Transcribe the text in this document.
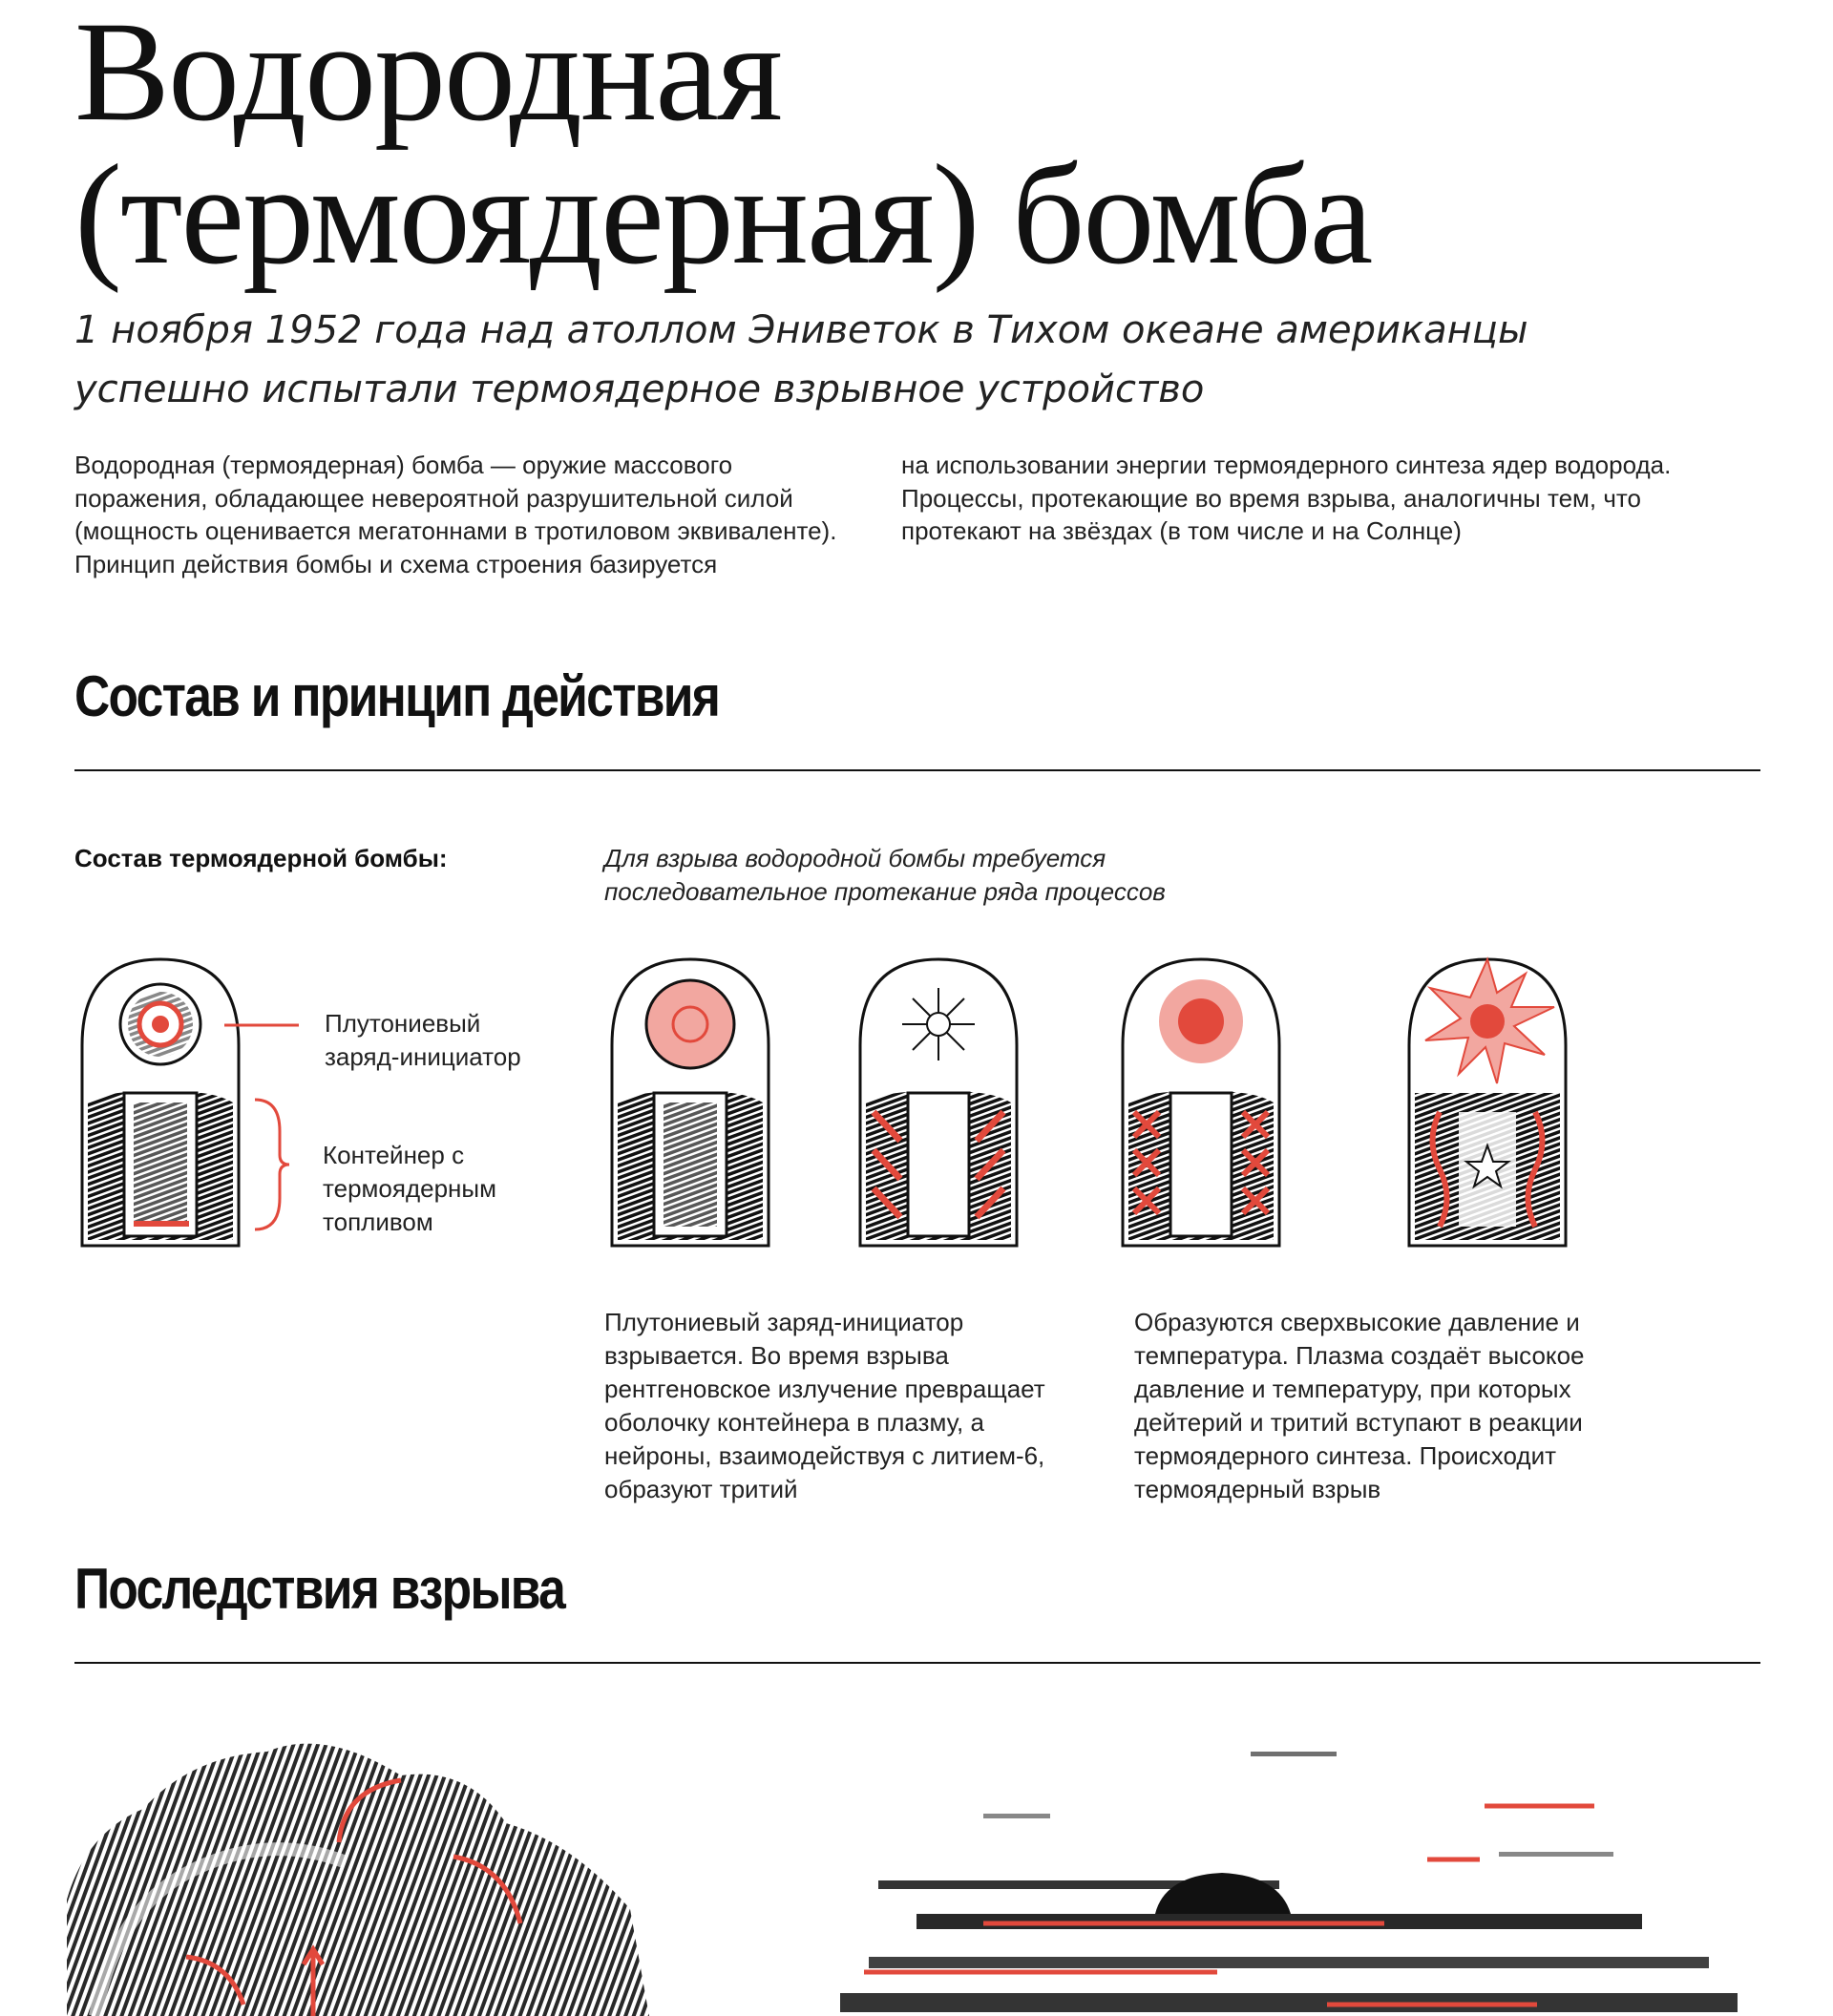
Водородная
(термоядерная) бомба

1 ноября 1952 года над атоллом Эниветок в Тихом океане американцы успешно испытали термоядерное взрывное устройство

Водородная (термоядерная) бомба — оружие массового поражения, обладающее невероятной разрушительной силой (мощность оценивается мегатоннами в тротиловом эквиваленте). Принцип действия бомбы и схема строения базируется

на использовании энергии термоядерного синтеза ядер водорода. Процессы, протекающие во время взрыва, аналогичны тем, что протекают на звёздах (в том числе и на Солнце)

Состав и принцип действия

Состав термоядерной бомбы:	Для взрыва водородной бомбы требуется последовательное протекание ряда процессов

Плутониевый заряд-инициатор

Контейнер с термоядерным топливом

Плутониевый заряд-инициатор взрывается. Во время взрыва рентгеновское излучение превращает оболочку контейнера в плазму, а нейроны, взаимодействуя с литием-6, образуют тритий

Образуются сверхвысокие давление и температура. Плазма создаёт высокое давление и температуру, при которых дейтерий и тритий вступают в реакции термоядерного синтеза. Происходит термоядерный взрыв

Последствия взрыва
